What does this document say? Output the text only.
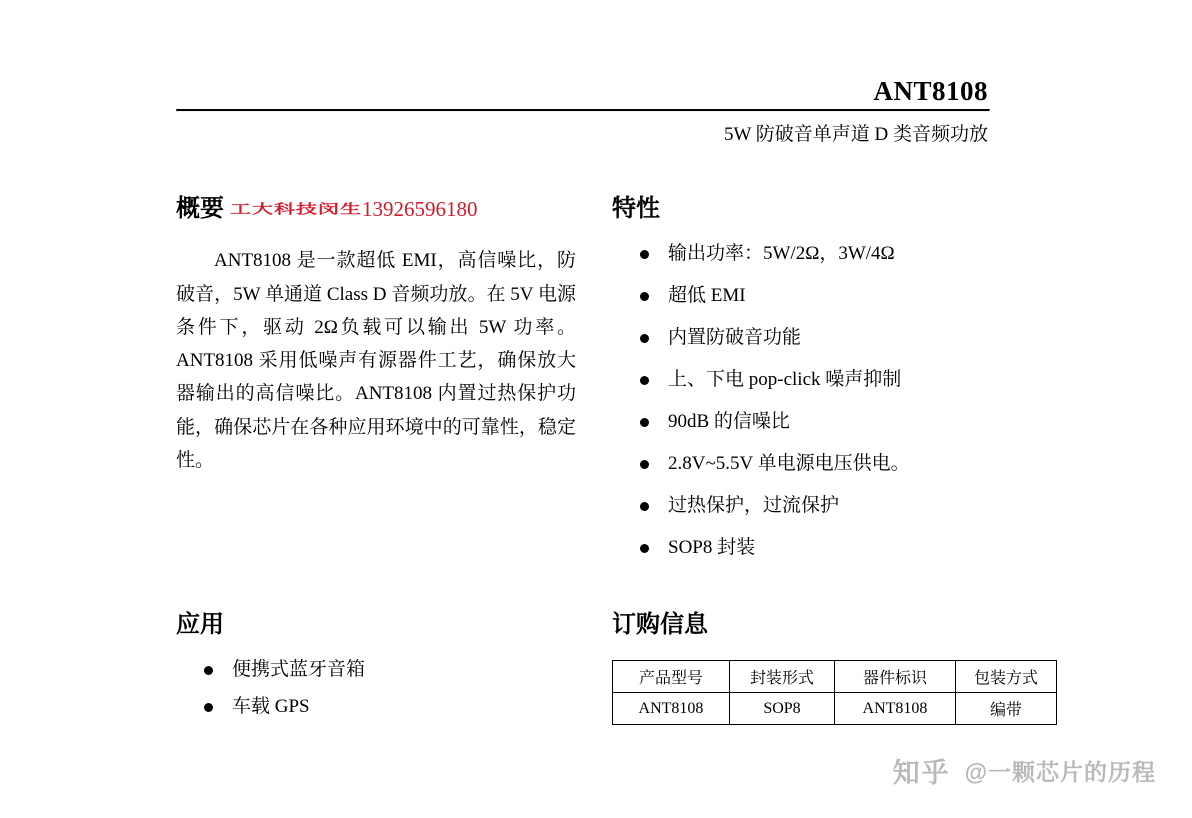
ANT8108
5W 防破音单声道 D 类音频功放
概要 工大科技闵生13926596180

ANT8108 是一款超低 EMI，高信噪比，防破音，5W 单通道 Class D 音频功放。在 5V 电源条件下，驱动 2Ω负载可以输出 5W 功率。ANT8108 采用低噪声有源器件工艺，确保放大器输出的高信噪比。ANT8108 内置过热保护功能，确保芯片在各种应用环境中的可靠性，稳定性。

特性
输出功率：5W/2Ω，3W/4Ω
超低 EMI
内置防破音功能
上、下电 pop-click 噪声抑制
90dB 的信噪比
2.8V~5.5V 单电源电压供电。
过热保护，过流保护
SOP8 封装
应用
便携式蓝牙音箱
车载 GPS
订购信息
产品型号	封装形式	器件标识	包装方式
ANT8108	SOP8	ANT8108	编带
知乎 @一颗芯片的历程
